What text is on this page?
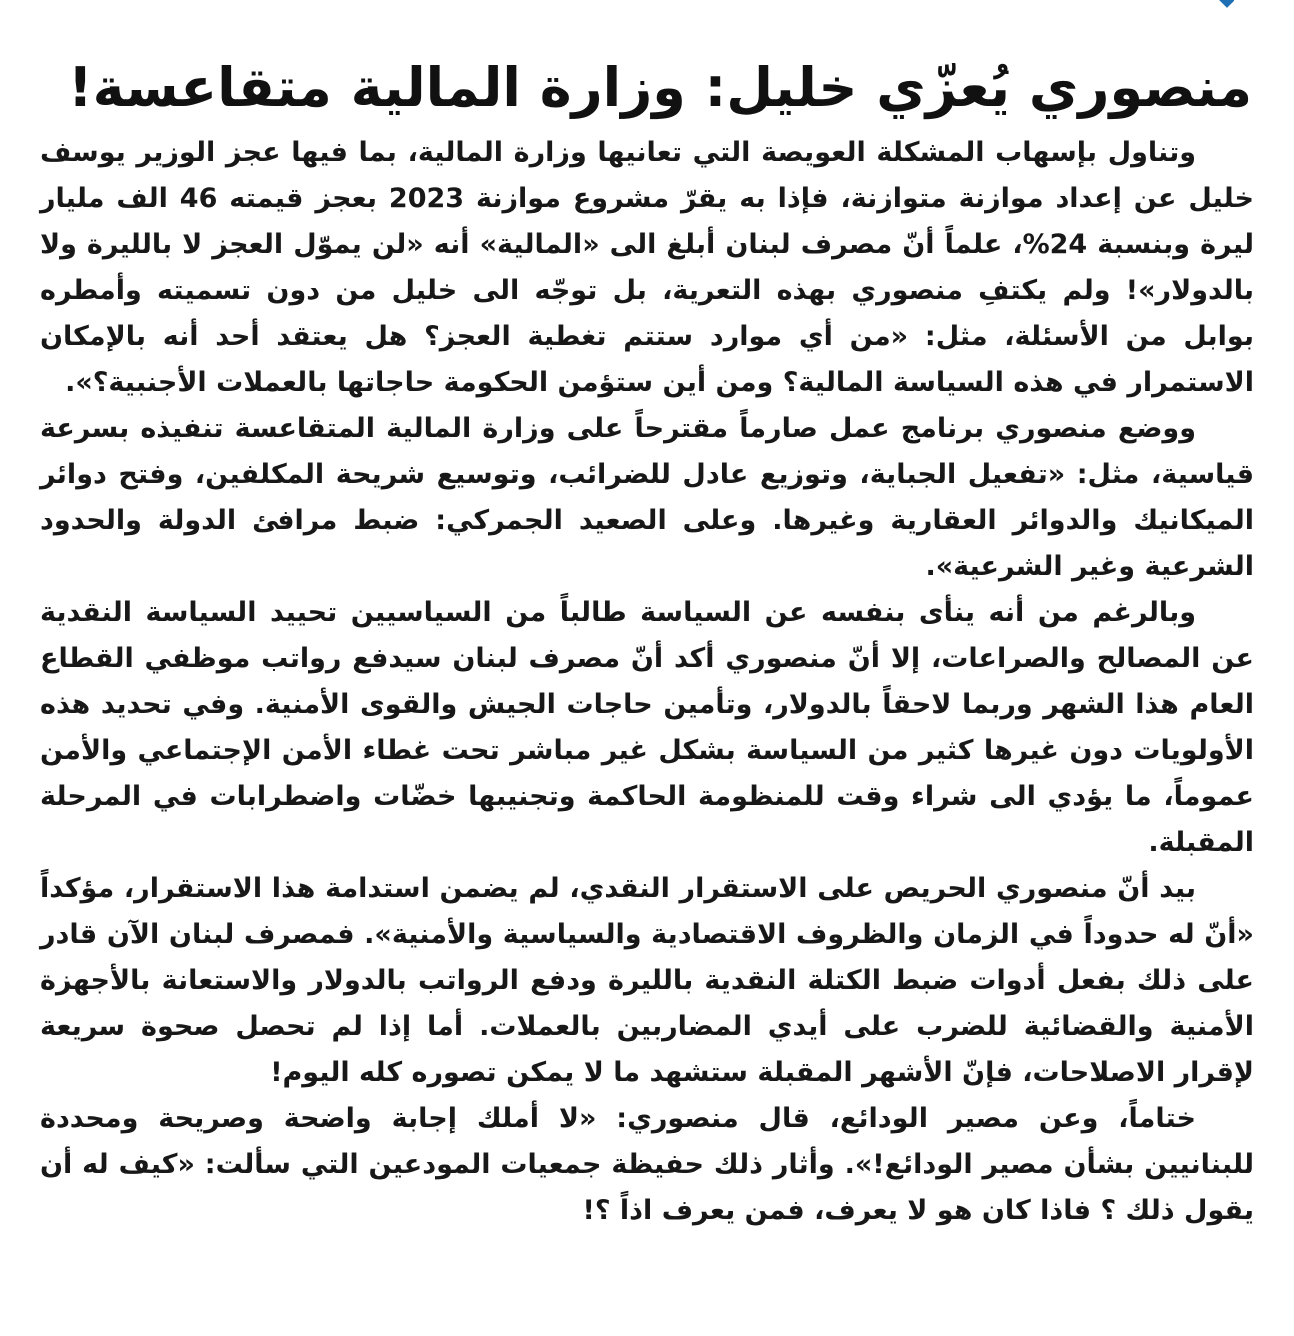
منصوري يُعزّي خليل: وزارة المالية متقاعسة!

وتناول بإسهاب المشكلة العويصة التي تعانيها وزارة المالية، بما فيها عجز الوزير يوسف خليل عن إعداد موازنة متوازنة، فإذا به يقرّ مشروع موازنة 2023 بعجز قيمته 46 الف مليار ليرة وبنسبة 24%، علماً أنّ مصرف لبنان أبلغ الى «المالية» أنه «لن يموّل العجز لا بالليرة ولا بالدولار»! ولم يكتفِ منصوري بهذه التعرية، بل توجّه الى خليل من دون تسميته وأمطره بوابل من الأسئلة، مثل: «من أي موارد ستتم تغطية العجز؟ هل يعتقد أحد أنه بالإمكان الاستمرار في هذه السياسة المالية؟ ومن أين ستؤمن الحكومة حاجاتها بالعملات الأجنبية؟».

ووضع منصوري برنامج عمل صارماً مقترحاً على وزارة المالية المتقاعسة تنفيذه بسرعة قياسية، مثل: «تفعيل الجباية، وتوزيع عادل للضرائب، وتوسيع شريحة المكلفين، وفتح دوائر الميكانيك والدوائر العقارية وغيرها. وعلى الصعيد الجمركي: ضبط مرافئ الدولة والحدود الشرعية وغير الشرعية».

وبالرغم من أنه ينأى بنفسه عن السياسة طالباً من السياسيين تحييد السياسة النقدية عن المصالح والصراعات، إلا أنّ منصوري أكد أنّ مصرف لبنان سيدفع رواتب موظفي القطاع العام هذا الشهر وربما لاحقاً بالدولار، وتأمين حاجات الجيش والقوى الأمنية. وفي تحديد هذه الأولويات دون غيرها كثير من السياسة بشكل غير مباشر تحت غطاء الأمن الإجتماعي والأمن عموماً، ما يؤدي الى شراء وقت للمنظومة الحاكمة وتجنيبها خضّات واضطرابات في المرحلة المقبلة.

بيد أنّ منصوري الحريص على الاستقرار النقدي، لم يضمن استدامة هذا الاستقرار، مؤكداً «أنّ له حدوداً في الزمان والظروف الاقتصادية والسياسية والأمنية». فمصرف لبنان الآن قادر على ذلك بفعل أدوات ضبط الكتلة النقدية بالليرة ودفع الرواتب بالدولار والاستعانة بالأجهزة الأمنية والقضائية للضرب على أيدي المضاربين بالعملات. أما إذا لم تحصل صحوة سريعة لإقرار الاصلاحات، فإنّ الأشهر المقبلة ستشهد ما لا يمكن تصوره كله اليوم!

ختاماً، وعن مصير الودائع، قال منصوري: «لا أملك إجابة واضحة وصريحة ومحددة للبنانيين بشأن مصير الودائع!». وأثار ذلك حفيظة جمعيات المودعين التي سألت: «كيف له أن يقول ذلك ؟ فاذا كان هو لا يعرف، فمن يعرف اذاً ؟!
